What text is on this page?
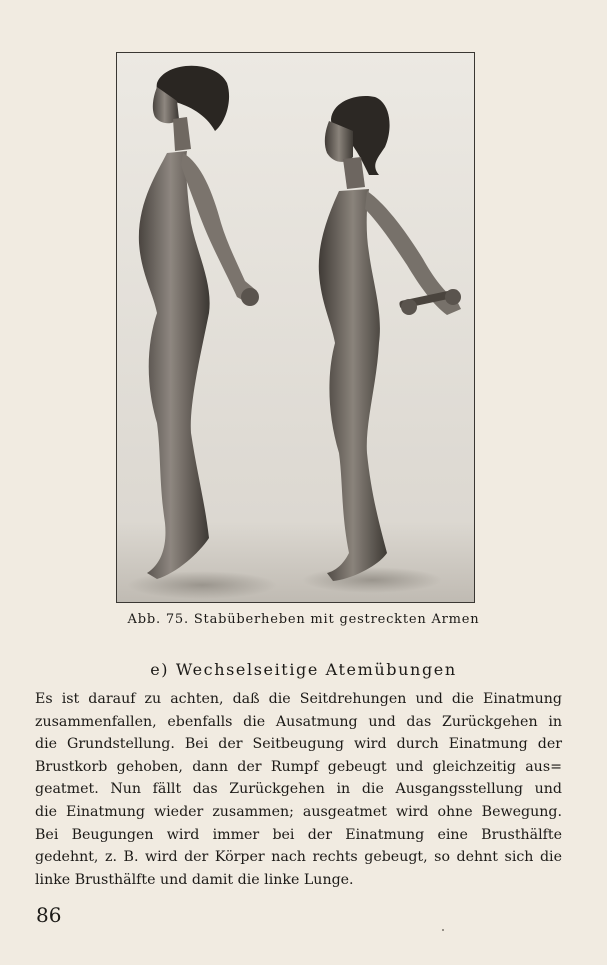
Abb. 75. Stabüberheben mit gestreckten Armen
e) Wechselseitige Atemübungen
Es ist darauf zu achten, daß die Seitdrehungen und die Einatmung
zusammenfallen, ebenfalls die Ausatmung und das Zurückgehen in
die Grundstellung. Bei der Seitbeugung wird durch Einatmung der
Brustkorb gehoben, dann der Rumpf gebeugt und gleichzeitig aus=
geatmet. Nun fällt das Zurückgehen in die Ausgangsstellung und
die Einatmung wieder zusammen; ausgeatmet wird ohne Bewegung.
Bei Beugungen wird immer bei der Einatmung eine Brusthälfte
gedehnt, z. B. wird der Körper nach rechts gebeugt, so dehnt sich die
linke Brusthälfte und damit die linke Lunge.
86
